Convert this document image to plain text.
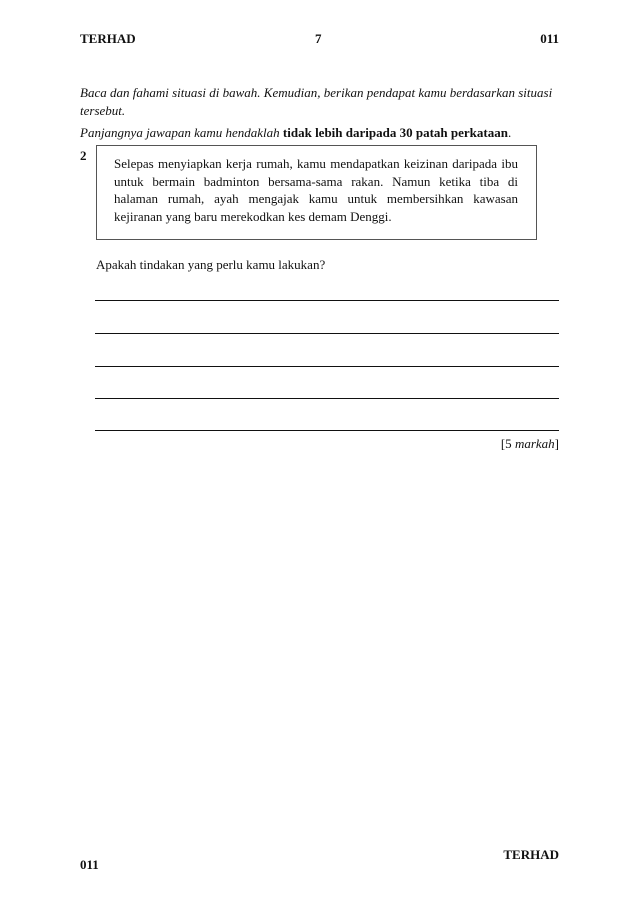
TERHAD	7	011
Baca dan fahami situasi di bawah. Kemudian, berikan pendapat kamu berdasarkan situasi tersebut.
Panjangnya jawapan kamu hendaklah tidak lebih daripada 30 patah perkataan.
2
Selepas menyiapkan kerja rumah, kamu mendapatkan keizinan daripada ibu untuk bermain badminton bersama-sama rakan. Namun ketika tiba di halaman rumah, ayah mengajak kamu untuk membersihkan kawasan kejiranan yang baru merekodkan kes demam Denggi.
Apakah tindakan yang perlu kamu lakukan?
[5 markah]
TERHAD
011
